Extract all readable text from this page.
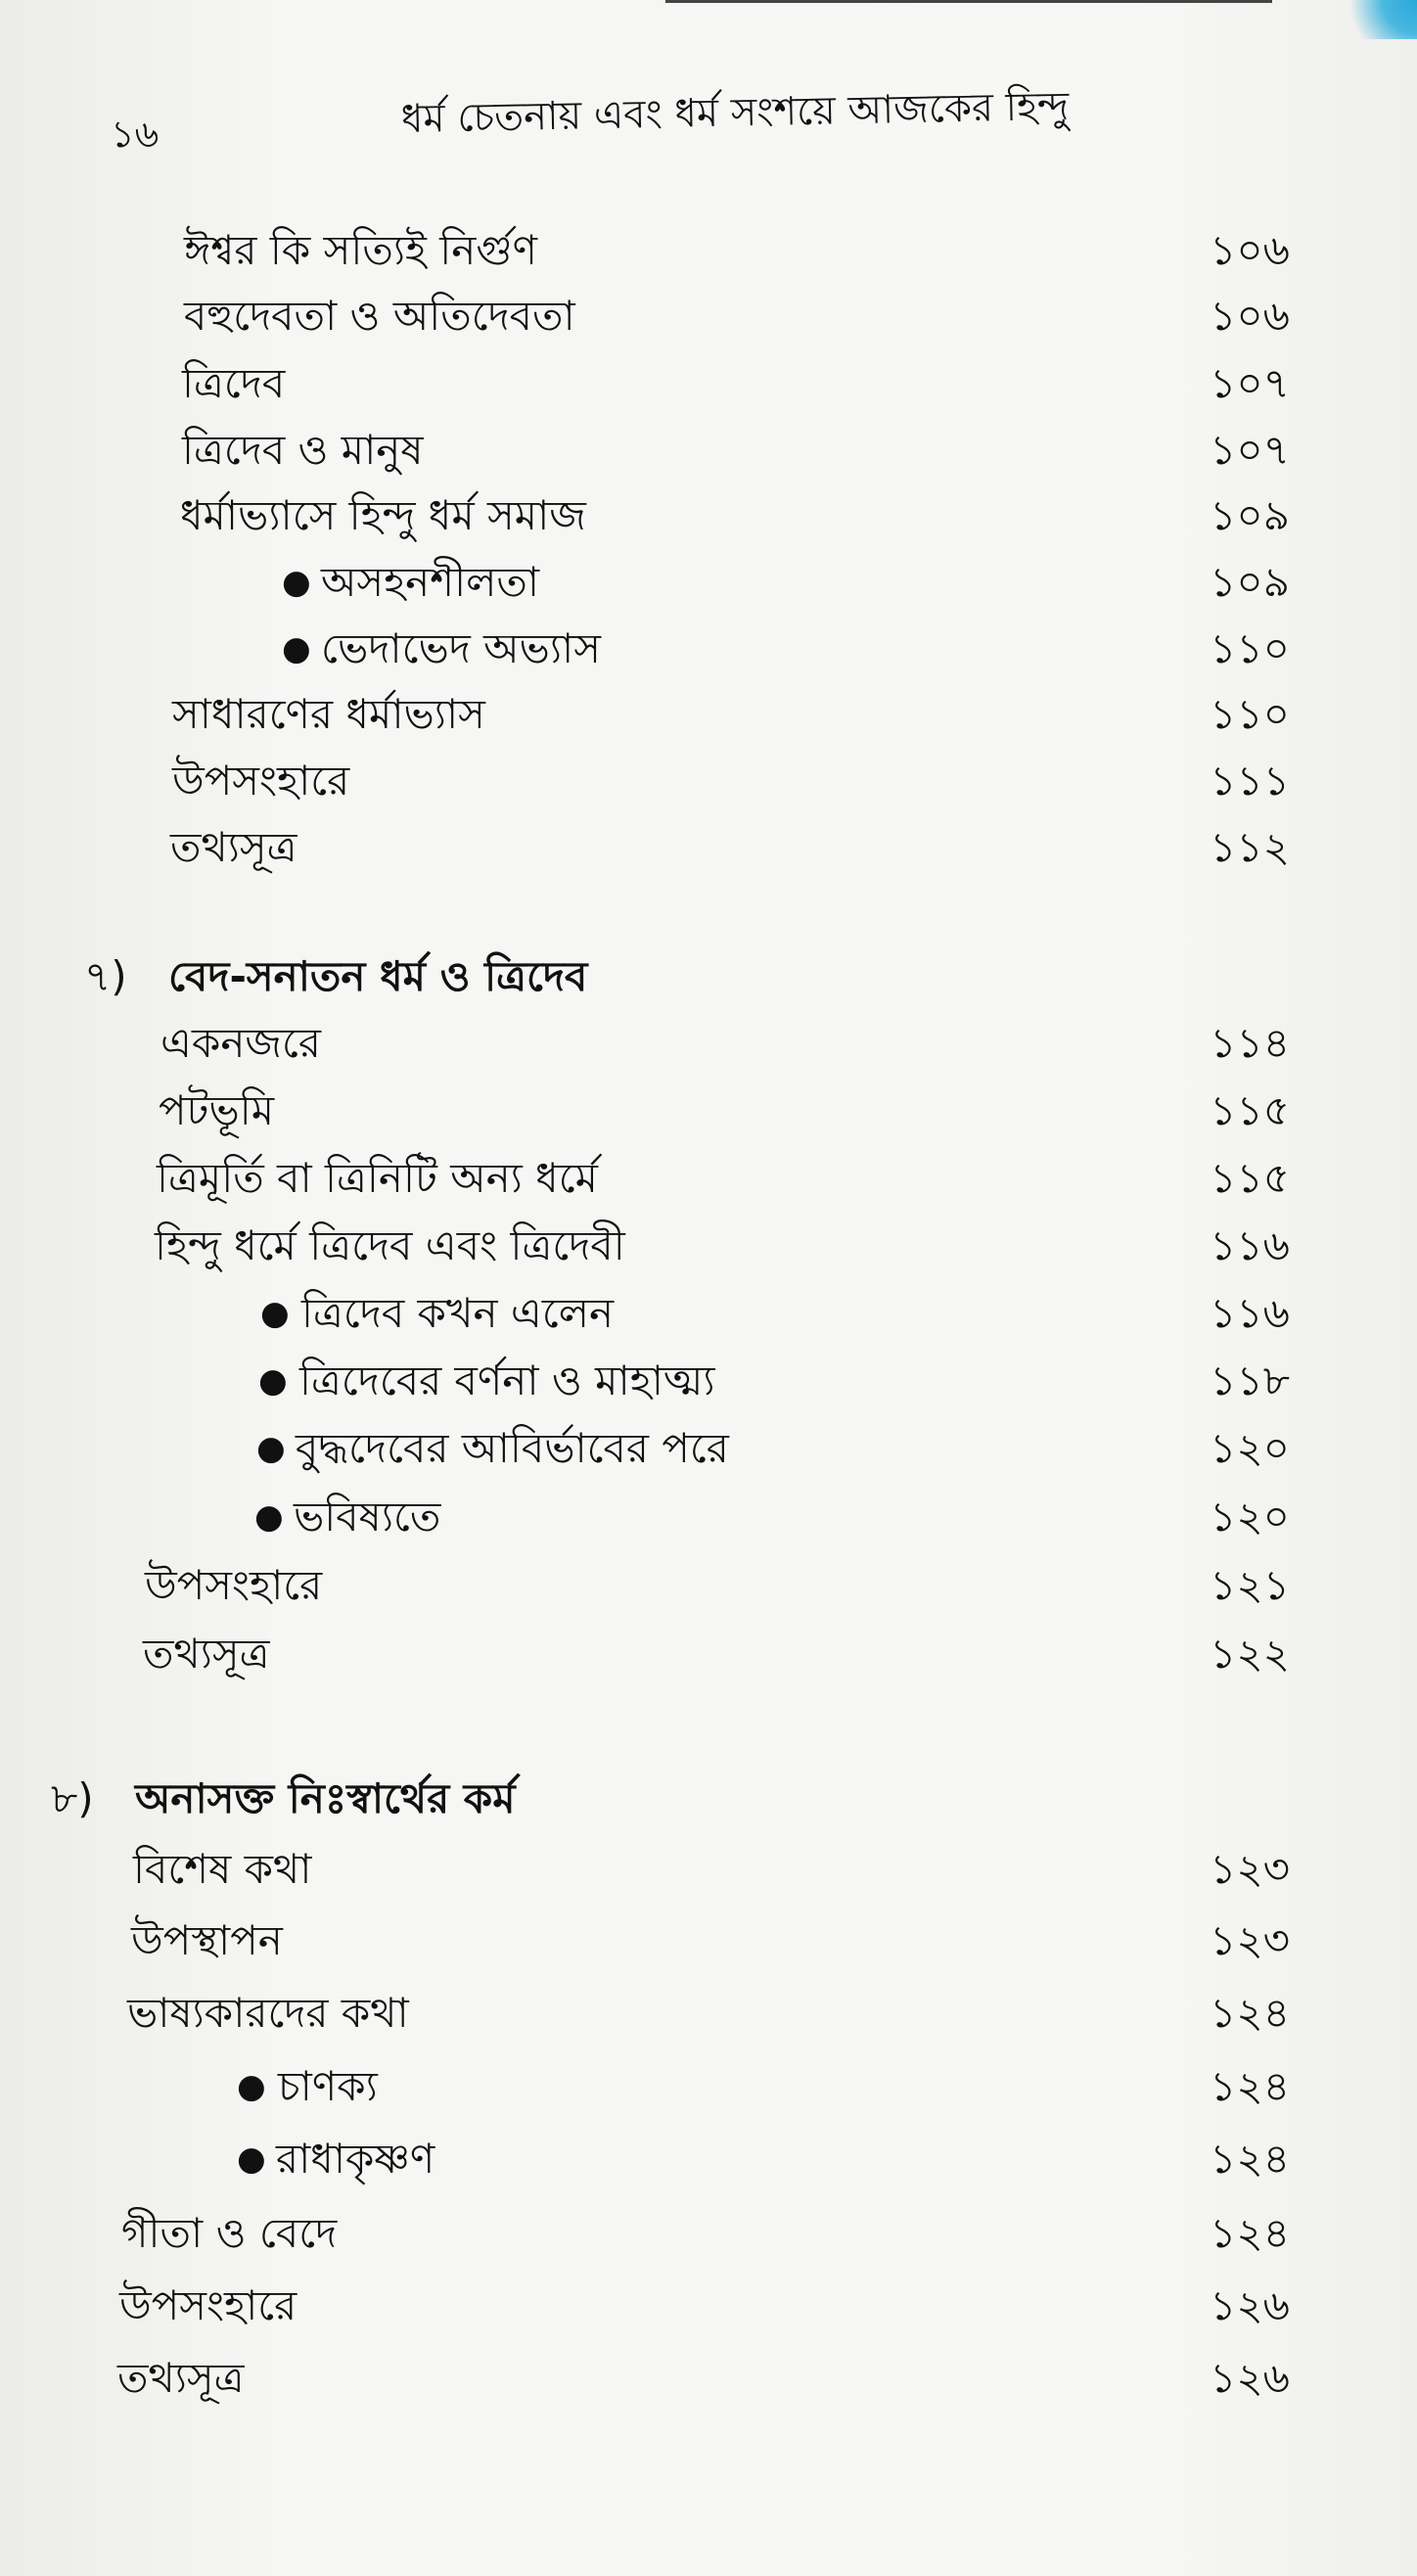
১৬	ধর্ম চেতনায় এবং ধর্ম সংশয়ে আজকের হিন্দু
ঈশ্বর কি সত্যিই নির্গুণ	১০৬
বহুদেবতা ও অতিদেবতা	১০৬
ত্রিদেব	১০৭
ত্রিদেব ও মানুষ	১০৭
ধর্মাভ্যাসে হিন্দু ধর্ম সমাজ	১০৯
● অসহনশীলতা	১০৯
● ভেদাভেদ অভ্যাস	১১০
সাধারণের ধর্মাভ্যাস	১১০
উপসংহারে	১১১
তথ্যসূত্র	১১২
৭) বেদ-সনাতন ধর্ম ও ত্রিদেব
একনজরে	১১৪
পটভূমি	১১৫
ত্রিমূর্তি বা ত্রিনিটি অন্য ধর্মে	১১৫
হিন্দু ধর্মে ত্রিদেব এবং ত্রিদেবী	১১৬
● ত্রিদেব কখন এলেন	১১৬
● ত্রিদেবের বর্ণনা ও মাহাত্ম্য	১১৮
● বুদ্ধদেবের আবির্ভাবের পরে	১২০
● ভবিষ্যতে	১২০
উপসংহারে	১২১
তথ্যসূত্র	১২২
৮) অনাসক্ত নিঃস্বার্থের কর্ম
বিশেষ কথা	১২৩
উপস্থাপন	১২৩
ভাষ্যকারদের কথা	১২৪
● চাণক্য	১২৪
● রাধাকৃষ্ণণ	১২৪
গীতা ও বেদে	১২৪
উপসংহারে	১২৬
তথ্যসূত্র	১২৬
